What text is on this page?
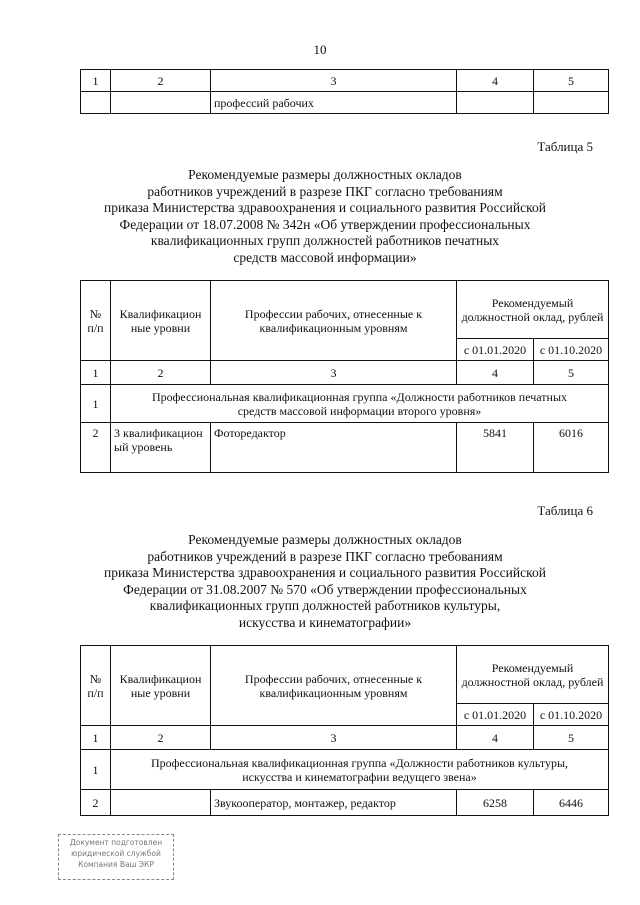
10
1	2	3	4	5
		профессий рабочих		
Таблица 5
Рекомендуемые размеры должностных окладов
работников учреждений в разрезе ПКГ согласно требованиям
приказа Министерства здравоохранения и социального развития Российской
Федерации от 18.07.2008 № 342н «Об утверждении профессиональных
квалификационных групп должностей работников печатных
средств массовой информации»
№ п/п	Квалификацион ные уровни	Профессии рабочих, отнесенные к квалификационным уровням	Рекомендуемый должностной оклад, рублей	
			с 01.01.2020	с 01.10.2020
1	2	3	4	5
1	Профессиональная квалификационная группа «Должности работников печатных средств массовой информации второго уровня»			
2	3 квалификацион ый уровень	Фоторедактор	5841	6016
Таблица 6
Рекомендуемые размеры должностных окладов
работников учреждений в разрезе ПКГ согласно требованиям
приказа Министерства здравоохранения и социального развития Российской
Федерации от 31.08.2007 № 570 «Об утверждении профессиональных
квалификационных групп должностей работников культуры,
искусства и кинематографии»
№ п/п	Квалификацион ные уровни	Профессии рабочих, отнесенные к квалификационным уровням	Рекомендуемый должностной оклад, рублей	
			с 01.01.2020	с 01.10.2020
1	2	3	4	5
1	Профессиональная квалификационная группа «Должности работников культуры, искусства и кинематографии ведущего звена»			
2		Звукооператор, монтажер, редактор	6258	6446
Документ подготовлен
юридической службой
Компания Ваш ЭКР
